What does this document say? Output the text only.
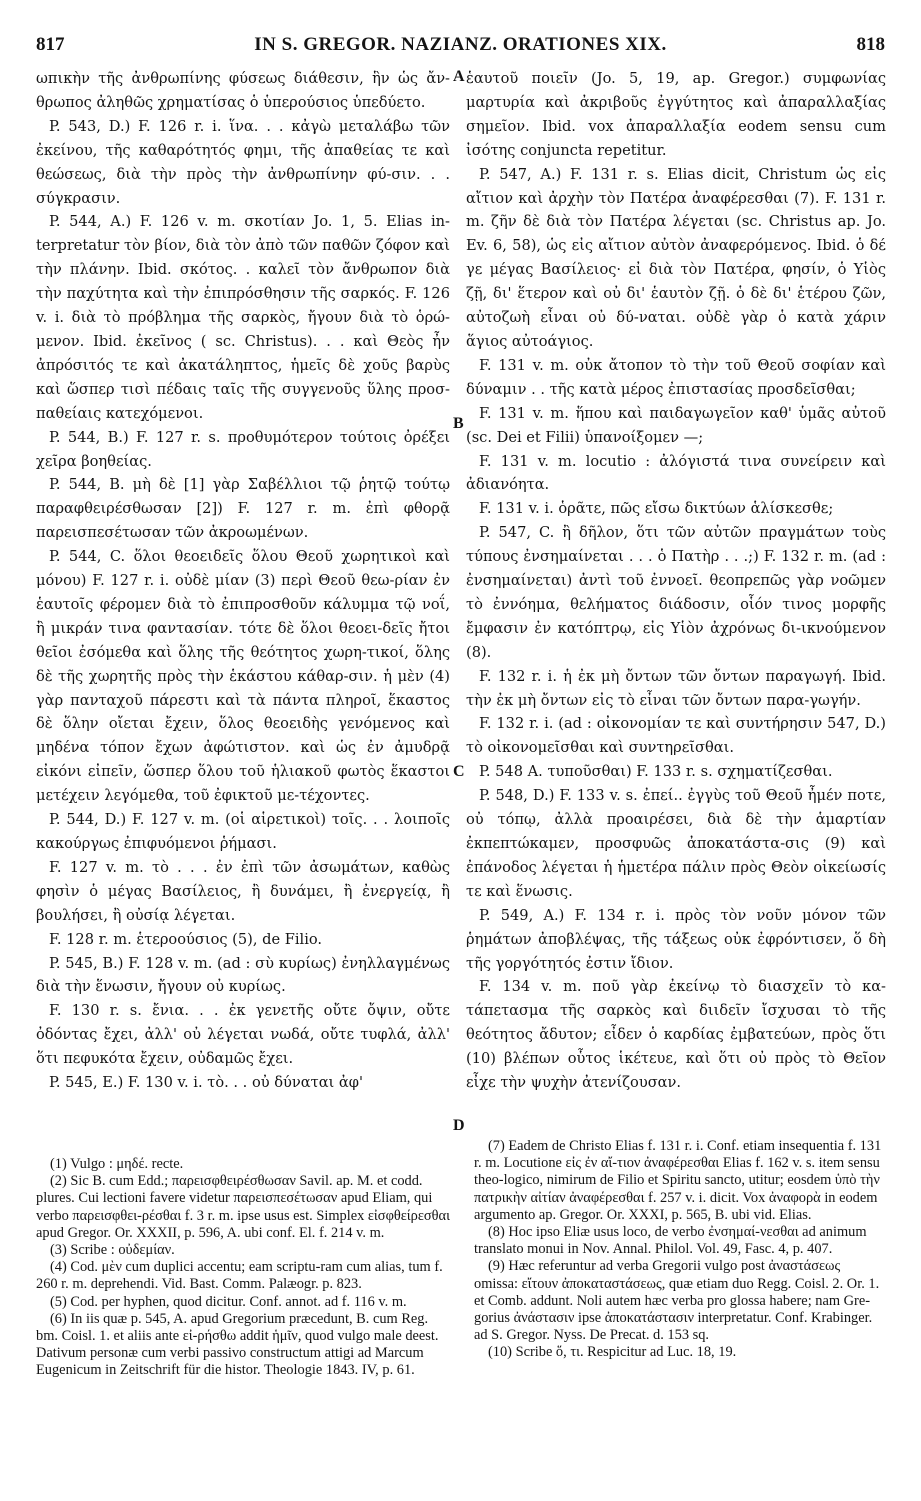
817	IN S. GREGOR. NAZIANZ. ORATIONES XIX.	818
A
B
C
D

ωπικὴν τῆς ἀνθρωπίνης φύσεως διάθεσιν, ἣν ὡς ἄν-θρωπος ἀληθῶς χρηματίσας ὁ ὑπερούσιος ὑπεδύετο.

P. 543, D.) F. 126 r. i. ἵνα. . . κἀγὼ μεταλάβω τῶν ἐκείνου, τῆς καθαρότητός φημι, τῆς ἀπαθείας τε καὶ θεώσεως, διὰ τὴν πρὸς τὴν ἀνθρωπίνην φύ-σιν. . . σύγκρασιν.

P. 544, A.) F. 126 v. m. σκοτίαν Jo. 1, 5. Elias in-terpretatur τὸν βίον, διὰ τὸν ἀπὸ τῶν παθῶν ζόφον καὶ τὴν πλάνην. Ibid. σκότος. . καλεῖ τὸν ἄνθρωπον διὰ τὴν παχύτητα καὶ τὴν ἐπιπρόσθησιν τῆς σαρκός. F. 126 v. i. διὰ τὸ πρόβλημα τῆς σαρκὸς, ἤγουν διὰ τὸ ὁρώ-μενον. Ibid. ἐκεῖνος ( sc. Christus). . . καὶ Θεὸς ἦν ἀπρόσιτός τε καὶ ἀκατάληπτος, ἡμεῖς δὲ χοῦς βαρὺς καὶ ὥσπερ τισὶ πέδαις ταῖς τῆς συγγενοῦς ὕλης προσ-παθείαις κατεχόμενοι.

P. 544, B.) F. 127 r. s. προθυμότερον τούτοις ὀρέξει χεῖρα βοηθείας.

P. 544, B. μὴ δὲ [1] γὰρ Σαβέλλιοι τῷ ῥητῷ τούτῳ παραφθειρέσθωσαν [2]) F. 127 r. m. ἐπὶ φθορᾷ παρεισπεσέτωσαν τῶν ἀκροωμένων.

P. 544, C. ὅλοι θεοειδεῖς ὅλου Θεοῦ χωρητικοὶ καὶ μόνου) F. 127 r. i. οὐδὲ μίαν (3) περὶ Θεοῦ θεω-ρίαν ἐν ἑαυτοῖς φέρομεν διὰ τὸ ἐπιπροσθοῦν κάλυμμα τῷ νοΐ, ἢ μικράν τινα φαντασίαν. τότε δὲ ὅλοι θεοει-δεῖς ἤτοι θεῖοι ἐσόμεθα καὶ ὅλης τῆς θεότητος χωρη-τικοί, ὅλης δὲ τῆς χωρητῆς πρὸς τὴν ἑκάστου κάθαρ-σιν. ἡ μὲν (4) γὰρ πανταχοῦ πάρεστι καὶ τὰ πάντα πληροῖ, ἕκαστος δὲ ὅλην οἴεται ἔχειν, ὅλος θεοειδὴς γενόμενος καὶ μηδένα τόπον ἔχων ἀφώτιστον. καὶ ὡς ἐν ἀμυδρᾷ εἰκόνι εἰπεῖν, ὥσπερ ὅλου τοῦ ἡλιακοῦ φωτὸς ἕκαστοι μετέχειν λεγόμεθα, τοῦ ἐφικτοῦ με-τέχοντες.

P. 544, D.) F. 127 v. m. (οἱ αἱρετικοὶ) τοῖς. . . λοιποῖς κακούργως ἐπιφυόμενοι ῥήμασι.

F. 127 v. m. τὸ . . . ἐν ἐπὶ τῶν ἀσωμάτων, καθὼς φησὶν ὁ μέγας Βασίλειος, ἢ δυνάμει, ἢ ἐνεργείᾳ, ἢ βουλήσει, ἢ οὐσίᾳ λέγεται.

F. 128 r. m. ἑτεροούσιος (5), de Filio.

P. 545, B.) F. 128 v. m. (ad : σὺ κυρίως) ἐνηλλαγμένως διὰ τὴν ἕνωσιν, ἤγουν οὐ κυρίως.

F. 130 r. s. ἔνια. . . ἐκ γενετῆς οὔτε ὄψιν, οὔτε ὀδόντας ἔχει, ἀλλ' οὐ λέγεται νωδά, οὔτε τυφλά, ἀλλ' ὅτι πεφυκότα ἔχειν, οὐδαμῶς ἔχει.

P. 545, E.) F. 130 v. i. τὸ. . . οὐ δύναται ἀφ'

ἑαυτοῦ ποιεῖν (Jo. 5, 19, ap. Gregor.) συμφωνίας μαρτυρία καὶ ἀκριβοῦς ἐγγύτητος καὶ ἀπαραλλαξίας σημεῖον. Ibid. vox ἀπαραλλαξία eodem sensu cum ἰσότης conjuncta repetitur.

P. 547, A.) F. 131 r. s. Elias dicit, Christum ὡς εἰς αἴτιον καὶ ἀρχὴν τὸν Πατέρα ἀναφέρεσθαι (7). F. 131 r. m. ζῆν δὲ διὰ τὸν Πατέρα λέγεται (sc. Christus ap. Jo. Ev. 6, 58), ὡς εἰς αἴτιον αὐτὸν ἀναφερόμενος. Ibid. ὁ δέ γε μέγας Βασίλειος· εἰ διὰ τὸν Πατέρα, φησίν, ὁ Υἱὸς ζῇ, δι' ἕτερον καὶ οὐ δι' ἑαυτὸν ζῇ. ὁ δὲ δι' ἑτέρου ζῶν, αὐτοζωὴ εἶναι οὐ δύ-ναται. οὐδὲ γὰρ ὁ κατὰ χάριν ἅγιος αὐτοάγιος.

F. 131 v. m. οὐκ ἄτοπον τὸ τὴν τοῦ Θεοῦ σοφίαν καὶ δύναμιν . . τῆς κατὰ μέρος ἐπιστασίας προσδεῖσθαι;

F. 131 v. m. ἥπου καὶ παιδαγωγεῖον καθ' ὑμᾶς αὐτοῦ (sc. Dei et Filii) ὑπανοίξομεν —;

F. 131 v. m. locutio : ἀλόγιστά τινα συνείρειν καὶ ἀδιανόητα.

F. 131 v. i. ὁρᾶτε, πῶς εἴσω δικτύων ἁλίσκεσθε;

P. 547, C. ἢ δῆλον, ὅτι τῶν αὐτῶν πραγμάτων τοὺς τύπους ἐνσημαίνεται . . . ὁ Πατὴρ . . .;) F. 132 r. m. (ad : ἐνσημαίνεται) ἀντὶ τοῦ ἐννοεῖ. θεοπρεπῶς γὰρ νοῶμεν τὸ ἐννόημα, θελήματος διάδοσιν, οἷόν τινος μορφῆς ἔμφασιν ἐν κατόπτρῳ, εἰς Υἱὸν ἀχρόνως δι-ικνούμενον (8).

F. 132 r. i. ἡ ἐκ μὴ ὄντων τῶν ὄντων παραγωγή. Ibid. τὴν ἐκ μὴ ὄντων εἰς τὸ εἶναι τῶν ὄντων παρα-γωγήν.

F. 132 r. i. (ad : οἰκονομίαν τε καὶ συντήρησιν 547, D.) τὸ οἰκονομεῖσθαι καὶ συντηρεῖσθαι.

P. 548 A. τυποῦσθαι) F. 133 r. s. σχηματίζεσθαι.

P. 548, D.) F. 133 v. s. ἐπεί.. ἐγγὺς τοῦ Θεοῦ ἦμέν ποτε, οὐ τόπῳ, ἀλλὰ προαιρέσει, διὰ δὲ τὴν ἁμαρτίαν ἐκπεπτώκαμεν, προσφυῶς ἀποκατάστα-σις (9) καὶ ἐπάνοδος λέγεται ἡ ἡμετέρα πάλιν πρὸς Θεὸν οἰκείωσίς τε καὶ ἕνωσις.

P. 549, A.) F. 134 r. i. πρὸς τὸν νοῦν μόνον τῶν ῥημάτων ἀποβλέψας, τῆς τάξεως οὐκ ἐφρόντισεν, ὅ δὴ τῆς γοργότητός ἐστιν ἴδιον.

F. 134 v. m. ποῦ γὰρ ἐκείνῳ τὸ διασχεῖν τὸ κα-τάπετασμα τῆς σαρκὸς καὶ διιδεῖν ἴσχυσαι τὸ τῆς θεότητος ἄδυτον; εἶδεν ὁ καρδίας ἐμβατεύων, πρὸς ὅτι (10) βλέπων οὗτος ἱκέτευε, καὶ ὅτι οὐ πρὸς τὸ Θεῖον εἶχε τὴν ψυχὴν ἀτενίζουσαν.

(1) Vulgo : μηδέ. recte.

(2) Sic B. cum Edd.; παρεισφθειρέσθωσαν Savil. ap. M. et codd. plures. Cui lectioni favere videtur παρεισπεσέτωσαν apud Eliam, qui verbo παρεισφθει-ρέσθαι f. 3 r. m. ipse usus est. Simplex εἰσφθείρεσθαι apud Gregor. Or. XXXII, p. 596, A. ubi conf. El. f. 214 v. m.

(3) Scribe : οὐδεμίαν.

(4) Cod. μὲν cum duplici accentu; eam scriptu-ram cum alias, tum f. 260 r. m. deprehendi. Vid. Bast. Comm. Palæogr. p. 823.

(5) Cod. per hyphen, quod dicitur. Conf. annot. ad f. 116 v. m.

(6) In iis quæ p. 545, A. apud Gregorium præcedunt, B. cum Reg. bm. Coisl. 1. et aliis ante εἰ-ρήσθω addit ἡμῖν, quod vulgo male deest. Dativum personæ cum verbi passivo constructum attigi ad Marcum Eugenicum in Zeitschrift für die histor. Theologie 1843. IV, p. 61.

(7) Eadem de Christo Elias f. 131 r. i. Conf. etiam insequentia f. 131 r. m. Locutione εἰς ἐν αἴ-τιον ἀναφέρεσθαι Elias f. 162 v. s. item sensu theo-logico, nimirum de Filio et Spiritu sancto, utitur; eosdem ὑπὸ τὴν πατρικὴν αἰτίαν ἀναφέρεσθαι f. 257 v. i. dicit. Vox ἀναφορὰ in eodem argumento ap. Gregor. Or. XXXI, p. 565, B. ubi vid. Elias.

(8) Hoc ipso Eliæ usus loco, de verbo ἐνσημαί-νεσθαι ad animum translato monui in Nov. Annal. Philol. Vol. 49, Fasc. 4, p. 407.

(9) Hæc referuntur ad verba Gregorii vulgo post ἀναστάσεως omissa: εἴτουν ἀποκαταστάσεως, quæ etiam duo Regg. Coisl. 2. Or. 1. et Comb. addunt. Noli autem hæc verba pro glossa habere; nam Gre-gorius ἀνάστασιν ipse ἀποκατάστασιν interpretatur. Conf. Krabinger. ad S. Gregor. Nyss. De Precat. d. 153 sq.

(10) Scribe ὅ, τι. Respicitur ad Luc. 18, 19.
